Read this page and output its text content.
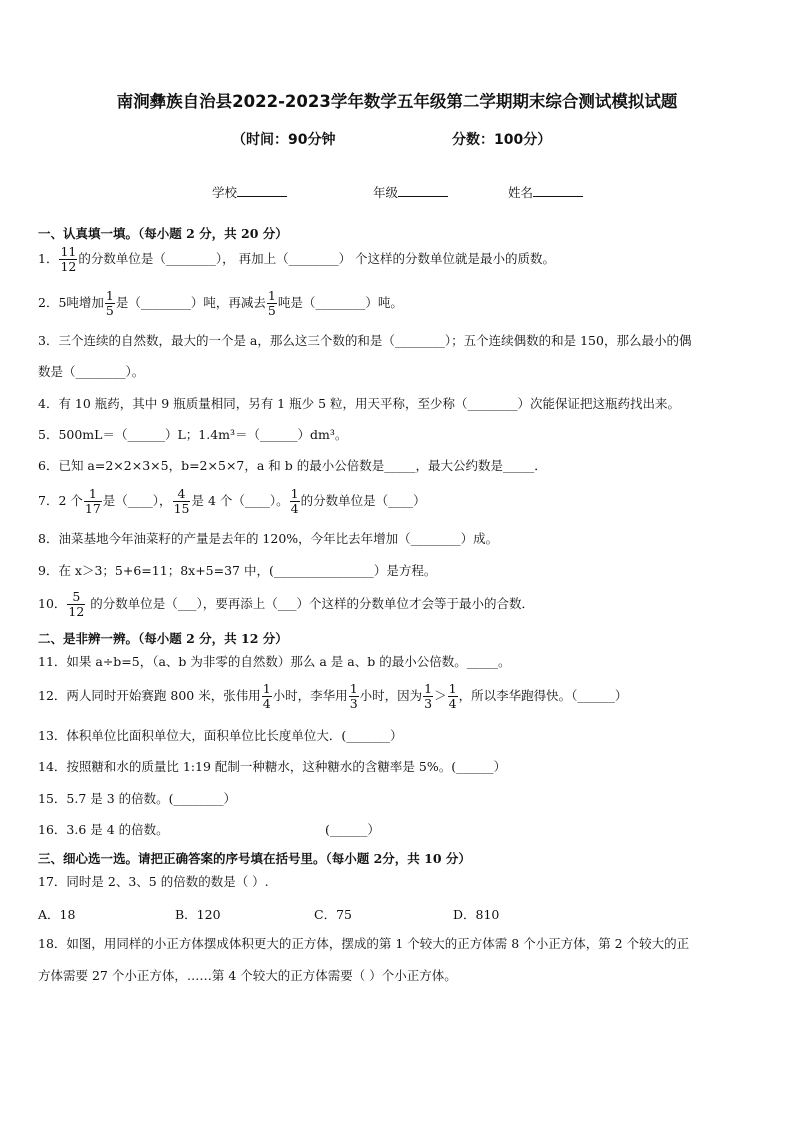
南涧彝族自治县2022-2023学年数学五年级第二学期期末综合测试模拟试题
（时间：90分钟	分数：100分）
学校	年级	姓名
一、认真填一填。（每小题 2 分，共 20 分）
1． $\frac{11}{12}$ 的分数单位是（________）， 再加上（________） 个这样的分数单位就是最小的质数。
2．5吨增加 $\frac{1}{5}$ 是（________）吨，再减去 $\frac{1}{5}$ 吨是（________）吨。
3．三个连续的自然数，最大的一个是 a，那么这三个数的和是（________）；五个连续偶数的和是 150，那么最小的偶
数是（________）。
4．有 10 瓶药，其中 9 瓶质量相同，另有 1 瓶少 5 粒，用天平称，至少称（________）次能保证把这瓶药找出来。
5．500mL＝（______）L；1.4m³＝（______）dm³。
6．已知 a=2×2×3×5，b=2×5×7，a 和 b 的最小公倍数是_____，最大公约数是_____．
7．2 个 $\frac{1}{17}$ 是（____）， $\frac{4}{15}$ 是 4 个（____）。 $\frac{1}{4}$ 的分数单位是（____）
8．油菜基地今年油菜籽的产量是去年的 120%，今年比去年增加（________）成。
9．在 x＞3；5+6=11；8x+5=37 中，(________________）是方程。
10． $\frac{5}{12}$ 的分数单位是（___），要再添上（___）个这样的分数单位才会等于最小的合数．
二、是非辨一辨。（每小题 2 分，共 12 分）
11．如果 a÷b=5，（a、b 为非零的自然数）那么 a 是 a、b 的最小公倍数。_____。
12．两人同时开始赛跑 800 米，张伟用 $\frac{1}{4}$ 小时，李华用 $\frac{1}{3}$ 小时，因为 $\frac{1}{3} > \frac{1}{4}$ ，所以李华跑得快。（______）
13．体积单位比面积单位大，面积单位比长度单位大．(_______）
14．按照糖和水的质量比 1:19 配制一种糖水，这种糖水的含糖率是 5%。(______）
15．5.7 是 3 的倍数。(________）
16．3.6 是 4 的倍数。	(______）
三、细心选一选。请把正确答案的序号填在括号里。（每小题 2分，共 10 分）
17．同时是 2、3、5 的倍数的数是（ ）.
A．18	B．120	C．75	D．810
18．如图，用同样的小正方体摆成体积更大的正方体，摆成的第 1 个较大的正方体需 8 个小正方体，第 2 个较大的正
方体需要 27 个小正方体，……第 4 个较大的正方体需要（ ）个小正方体。
